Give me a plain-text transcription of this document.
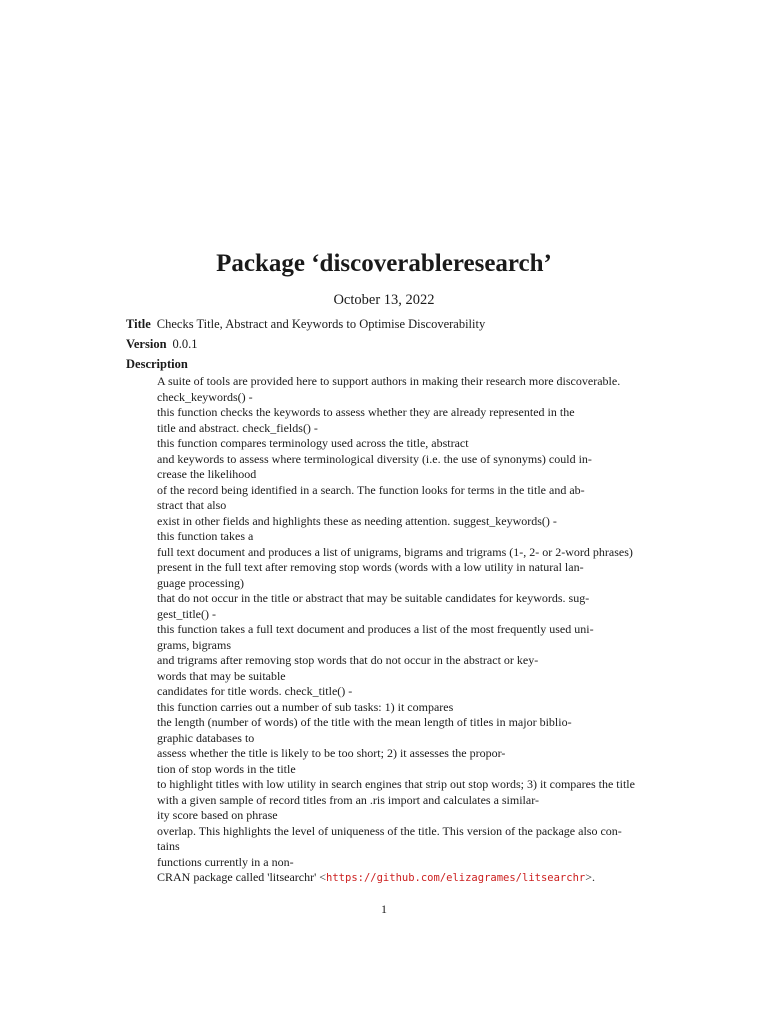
Package ‘discoverableresearch’
October 13, 2022
Title Checks Title, Abstract and Keywords to Optimise Discoverability
Version 0.0.1
Description
A suite of tools are provided here to support authors in making their research more discoverable.
check_keywords() -
this function checks the keywords to assess whether they are already represented in the
title and abstract. check_fields() -
this function compares terminology used across the title, abstract
and keywords to assess where terminological diversity (i.e. the use of synonyms) could in-
crease the likelihood
of the record being identified in a search. The function looks for terms in the title and ab-
stract that also
exist in other fields and highlights these as needing attention. suggest_keywords() -
this function takes a
full text document and produces a list of unigrams, bigrams and trigrams (1-, 2- or 2-word phrases)
present in the full text after removing stop words (words with a low utility in natural lan-
guage processing)
that do not occur in the title or abstract that may be suitable candidates for keywords. sug-
gest_title() -
this function takes a full text document and produces a list of the most frequently used uni-
grams, bigrams
and trigrams after removing stop words that do not occur in the abstract or key-
words that may be suitable
candidates for title words. check_title() -
this function carries out a number of sub tasks: 1) it compares
the length (number of words) of the title with the mean length of titles in major biblio-
graphic databases to
assess whether the title is likely to be too short; 2) it assesses the propor-
tion of stop words in the title
to highlight titles with low utility in search engines that strip out stop words; 3) it compares the title
with a given sample of record titles from an .ris import and calculates a similar-
ity score based on phrase
overlap. This highlights the level of uniqueness of the title. This version of the package also con-
tains
functions currently in a non-
CRAN package called 'litsearchr' <https://github.com/elizagrames/litsearchr>.
1
